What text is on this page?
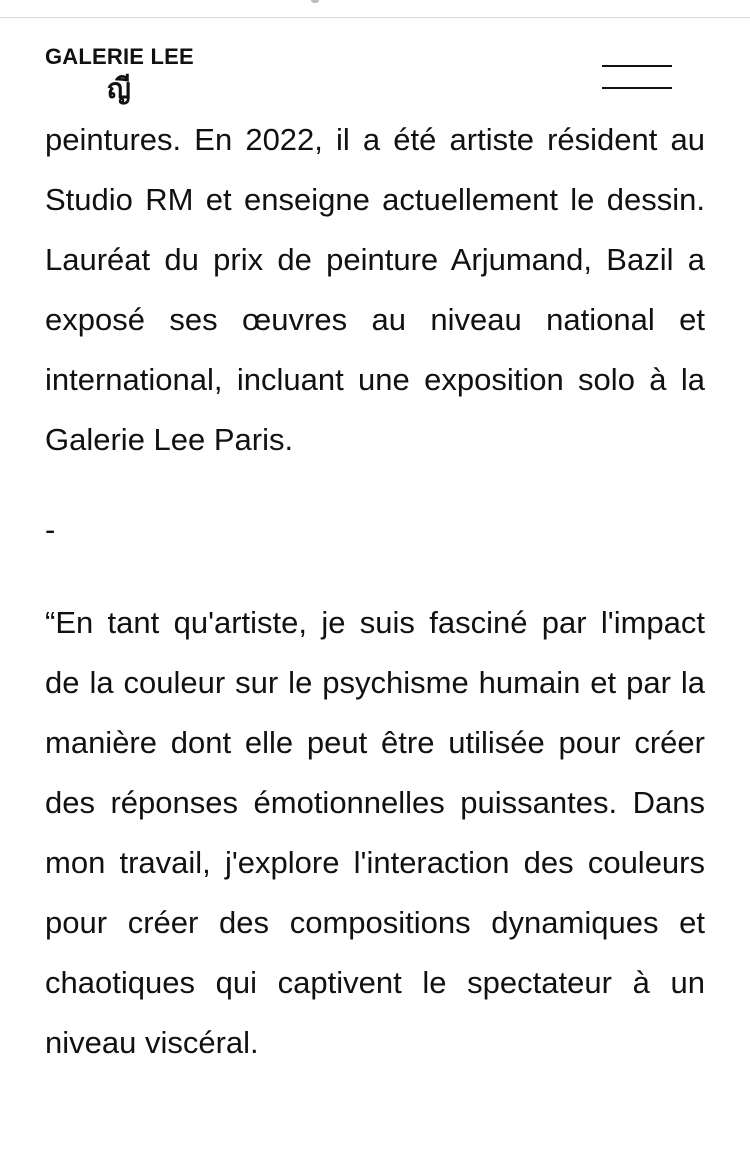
GALERIE LEE
ญี

peintures. En 2022, il a été artiste résident au Studio RM et enseigne actuellement le dessin. Lauréat du prix de peinture Arjumand, Bazil a exposé ses œuvres au niveau national et international, incluant une exposition solo à la Galerie Lee Paris.

-

“En tant qu'artiste, je suis fasciné par l'impact de la couleur sur le psychisme humain et par la manière dont elle peut être utilisée pour créer des réponses émotionnelles puissantes. Dans mon travail, j'explore l'interaction des couleurs pour créer des compositions dynamiques et chaotiques qui captivent le spectateur à un niveau viscéral.
